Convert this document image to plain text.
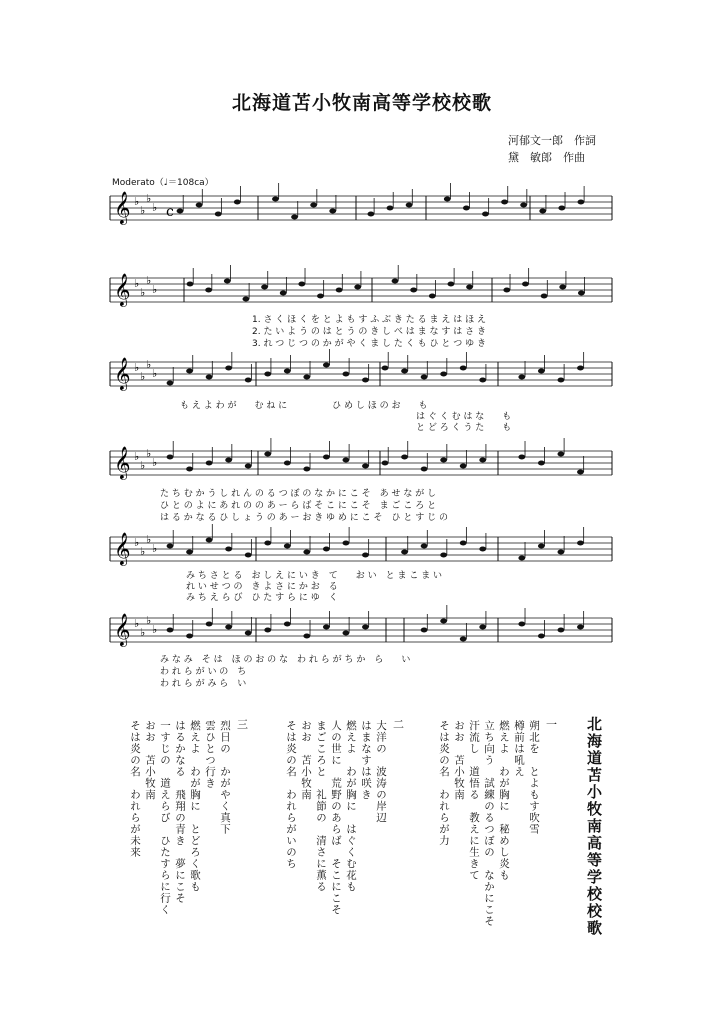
北海道苫小牧南高等学校校歌
河郁文一郎　作詞
黛　敏郎　作曲
Moderato（♩＝108ca）
𝄞 ♭
♭
♭
♭
𝄞 ♭
♭
♭
♭
𝄞 ♭
♭
♭
♭
𝄞 ♭
♭
♭
♭
𝄞 ♭
♭
♭
♭
𝄞 ♭
♭
♭
♭
c
1. さ く ほ く を と よ も す ふ ぶ き た る ま え は ほ え
2. た い よ う の は と う の き し べ は ま な す は さ き
3. れ つ じ つ の か が や く ま し た く も ひ と つ ゆ き
も え よ わ が　　む ね に　　　　　ひ め し ほ の お　　も
は ぐ く む は な　　も
と ど ろ く う た　　も
た ち む か う し れ ん の る つ ぼ の な か に こ そ　あ せ な が し
ひ と の よ に あ れ の の あ ー ら ば そ こ に こ そ　ま ご こ ろ と
は る か な る ひ し ょ う の あ ー お き ゆ め に こ そ　ひ と す じ の
み ち さ と る　お し え に い き　て　　お い　と ま こ ま い
れ い せ つ の　き よ さ に か お　る
み ち え ら び　ひ た す ら に ゆ　く
み な み　そ は　ほ の お の な　わ れ ら が ち か　ら　　い
わ れ ら が い の　ち
わ れ ら が み ら　い
北海道苫小牧南高等学校校歌
一
朔北を　とよもす吹雪
樽前は吼え
燃えよ　わが胸に　秘めし炎も
立ち向う　試練のるつぼの　なかにこそ
汗流し　道悟る　教えに生きて
おお　苫小牧南
そは炎の名　われらが力
二
大洋の　波涛の岸辺
はまなすは咲き
燃えよ　わが胸に　はぐくむ花も
人の世に　荒野のあらば　そこにこそ
まごころと　礼節の　清さに薫る
おお　苫小牧南
そは炎の名　われらがいのち
三
烈日の　かがやく真下
雲ひとつ行き
燃えよ　わが胸に　とどろく歌も
はるかなる　飛翔の青き　夢にこそ
一すじの　道えらび　ひたすらに行く
おお　苫小牧南
そは炎の名　われらが未来
